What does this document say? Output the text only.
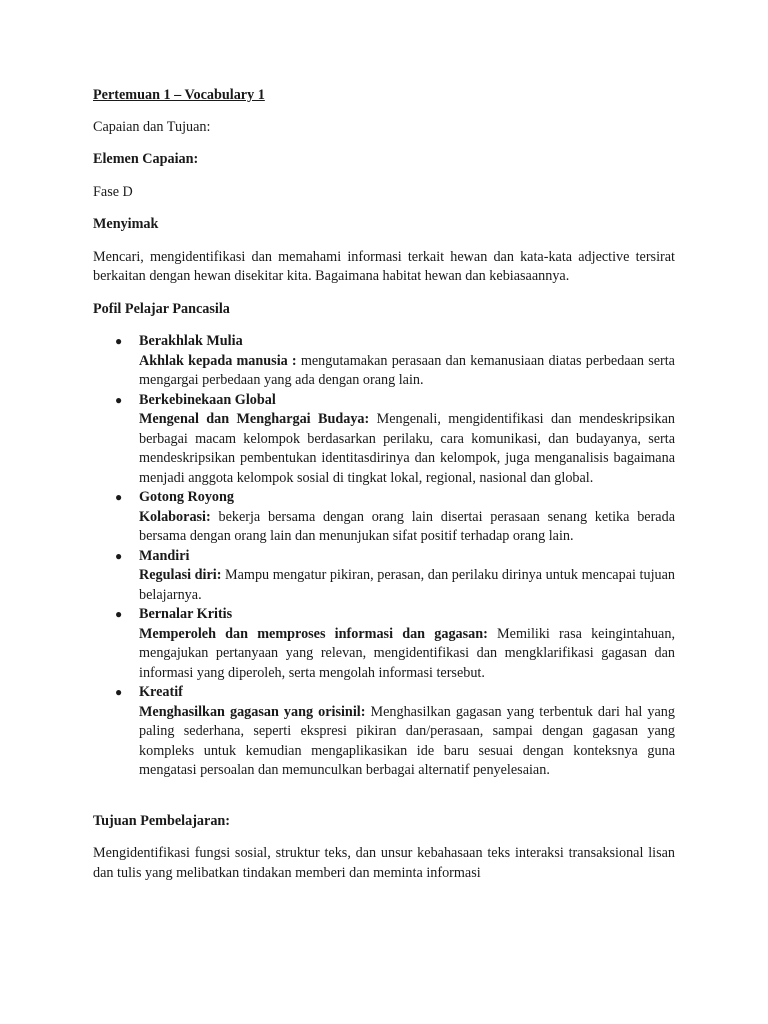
Pertemuan 1 – Vocabulary 1

Capaian dan Tujuan:

Elemen Capaian:

Fase D

Menyimak

Mencari, mengidentifikasi dan memahami informasi terkait hewan dan kata-kata adjective tersirat berkaitan dengan hewan disekitar kita. Bagaimana habitat hewan dan kebiasaannya.

Pofil Pelajar Pancasila

● Berakhlak Mulia
Akhlak kepada manusia : mengutamakan perasaan dan kemanusiaan diatas perbedaan serta mengargai perbedaan yang ada dengan orang lain.
● Berkebinekaan Global
Mengenal dan Menghargai Budaya: Mengenali, mengidentifikasi dan mendeskripsikan berbagai macam kelompok berdasarkan perilaku, cara komunikasi, dan budayanya, serta mendeskripsikan pembentukan identitasdirinya dan kelompok, juga menganalisis bagaimana menjadi anggota kelompok sosial di tingkat lokal, regional, nasional dan global.
● Gotong Royong
Kolaborasi: bekerja bersama dengan orang lain disertai perasaan senang ketika berada bersama dengan orang lain dan menunjukan sifat positif terhadap orang lain.
● Mandiri
Regulasi diri: Mampu mengatur pikiran, perasan, dan perilaku dirinya untuk mencapai tujuan belajarnya.
● Bernalar Kritis
Memperoleh dan memproses informasi dan gagasan: Memiliki rasa keingintahuan, mengajukan pertanyaan yang relevan, mengidentifikasi dan mengklarifikasi gagasan dan informasi yang diperoleh, serta mengolah informasi tersebut.
● Kreatif
Menghasilkan gagasan yang orisinil: Menghasilkan gagasan yang terbentuk dari hal yang paling sederhana, seperti ekspresi pikiran dan/perasaan, sampai dengan gagasan yang kompleks untuk kemudian mengaplikasikan ide baru sesuai dengan konteksnya guna mengatasi persoalan dan memunculkan berbagai alternatif penyelesaian.

Tujuan Pembelajaran:

Mengidentifikasi fungsi sosial, struktur teks, dan unsur kebahasaan teks interaksi transaksional lisan dan tulis yang melibatkan tindakan memberi dan meminta informasi
